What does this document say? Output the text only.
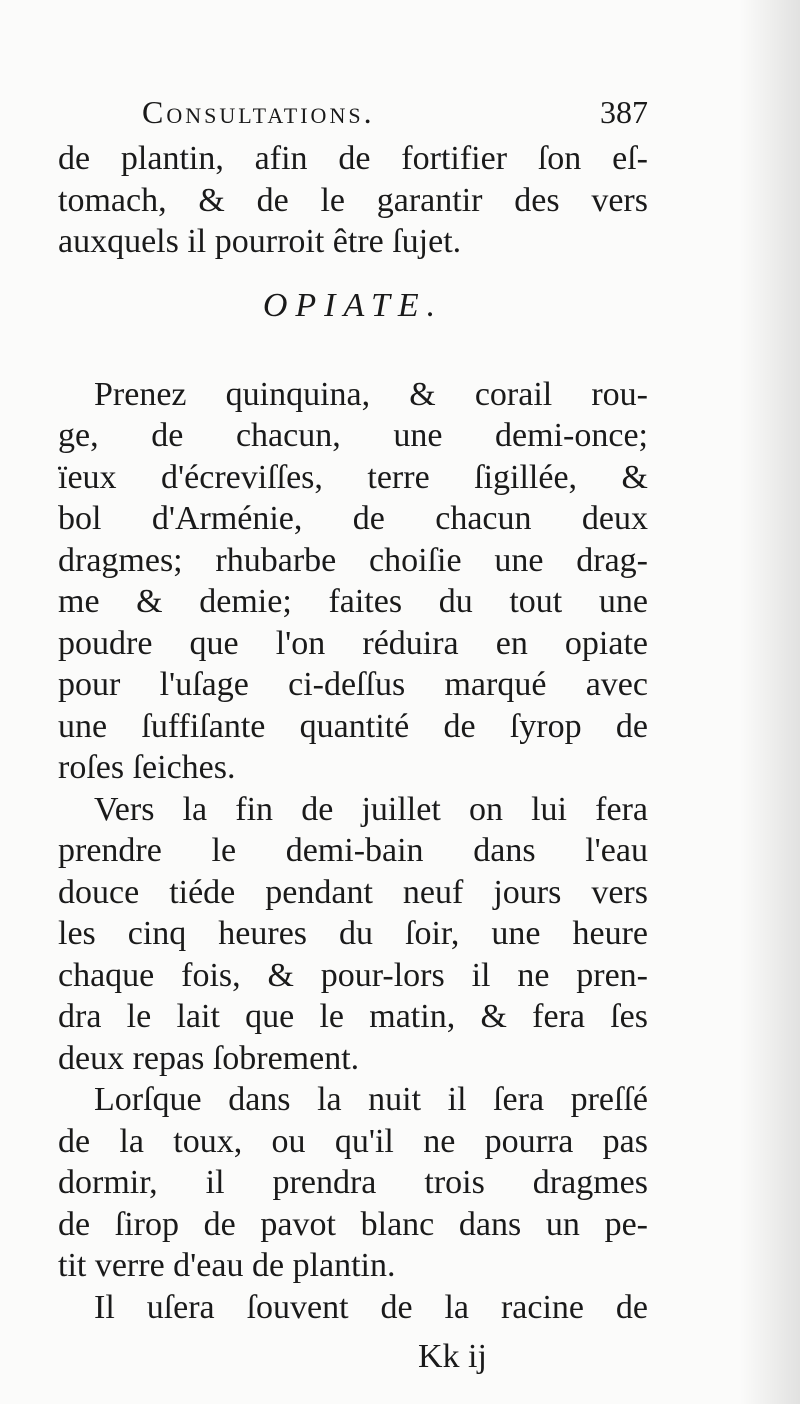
Consultations.	387
de plantin, afin de fortifier ſon eſ-
tomach, & de le garantir des vers
auxquels il pourroit être ſujet.
OPIATE.
Prenez quinquina, & corail rou-
ge, de chacun, une demi-once;
ïeux d'écreviſſes, terre ſigillée, &
bol d'Arménie, de chacun deux
dragmes; rhubarbe choiſie une drag-
me & demie; faites du tout une
poudre que l'on réduira en opiate
pour l'uſage ci-deſſus marqué avec
une ſuffiſante quantité de ſyrop de
roſes ſeiches.
Vers la fin de juillet on lui fera
prendre le demi-bain dans l'eau
douce tiéde pendant neuf jours vers
les cinq heures du ſoir, une heure
chaque fois, & pour-lors il ne pren-
dra le lait que le matin, & fera ſes
deux repas ſobrement.
Lorſque dans la nuit il ſera preſſé
de la toux, ou qu'il ne pourra pas
dormir, il prendra trois dragmes
de ſirop de pavot blanc dans un pe-
tit verre d'eau de plantin.
Il uſera ſouvent de la racine de
Kk ij
